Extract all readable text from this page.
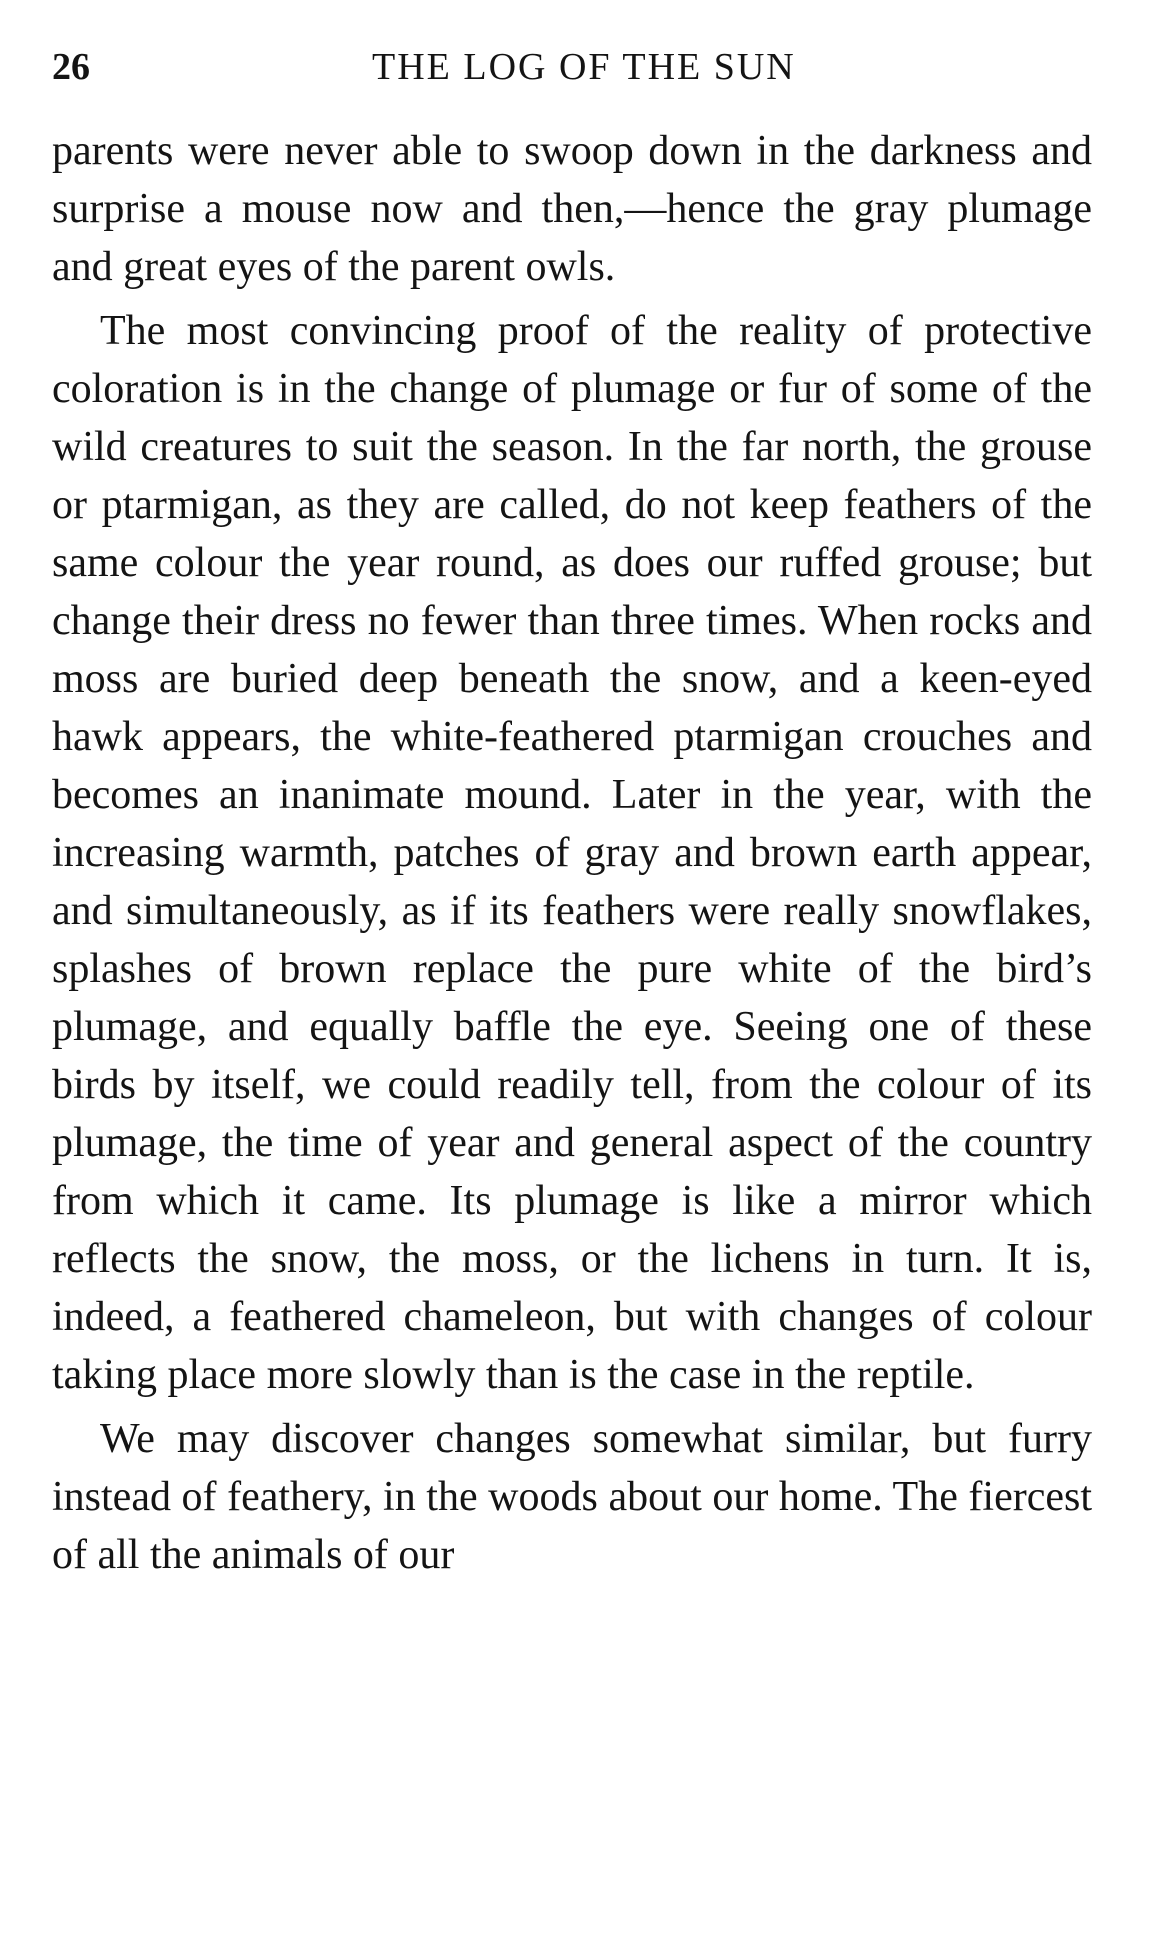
26	THE LOG OF THE SUN

parents were never able to swoop down in the darkness and surprise a mouse now and then,—hence the gray plumage and great eyes of the parent owls.

The most convincing proof of the reality of protective coloration is in the change of plumage or fur of some of the wild creatures to suit the season. In the far north, the grouse or ptarmigan, as they are called, do not keep feathers of the same colour the year round, as does our ruffed grouse; but change their dress no fewer than three times. When rocks and moss are buried deep beneath the snow, and a keen-eyed hawk appears, the white-feathered ptarmigan crouches and becomes an inanimate mound. Later in the year, with the increasing warmth, patches of gray and brown earth appear, and simultaneously, as if its feathers were really snowflakes, splashes of brown replace the pure white of the bird’s plumage, and equally baffle the eye. Seeing one of these birds by itself, we could readily tell, from the colour of its plumage, the time of year and general aspect of the country from which it came. Its plumage is like a mirror which reflects the snow, the moss, or the lichens in turn. It is, indeed, a feathered chameleon, but with changes of colour taking place more slowly than is the case in the reptile.

We may discover changes somewhat similar, but furry instead of feathery, in the woods about our home. The fiercest of all the animals of our
